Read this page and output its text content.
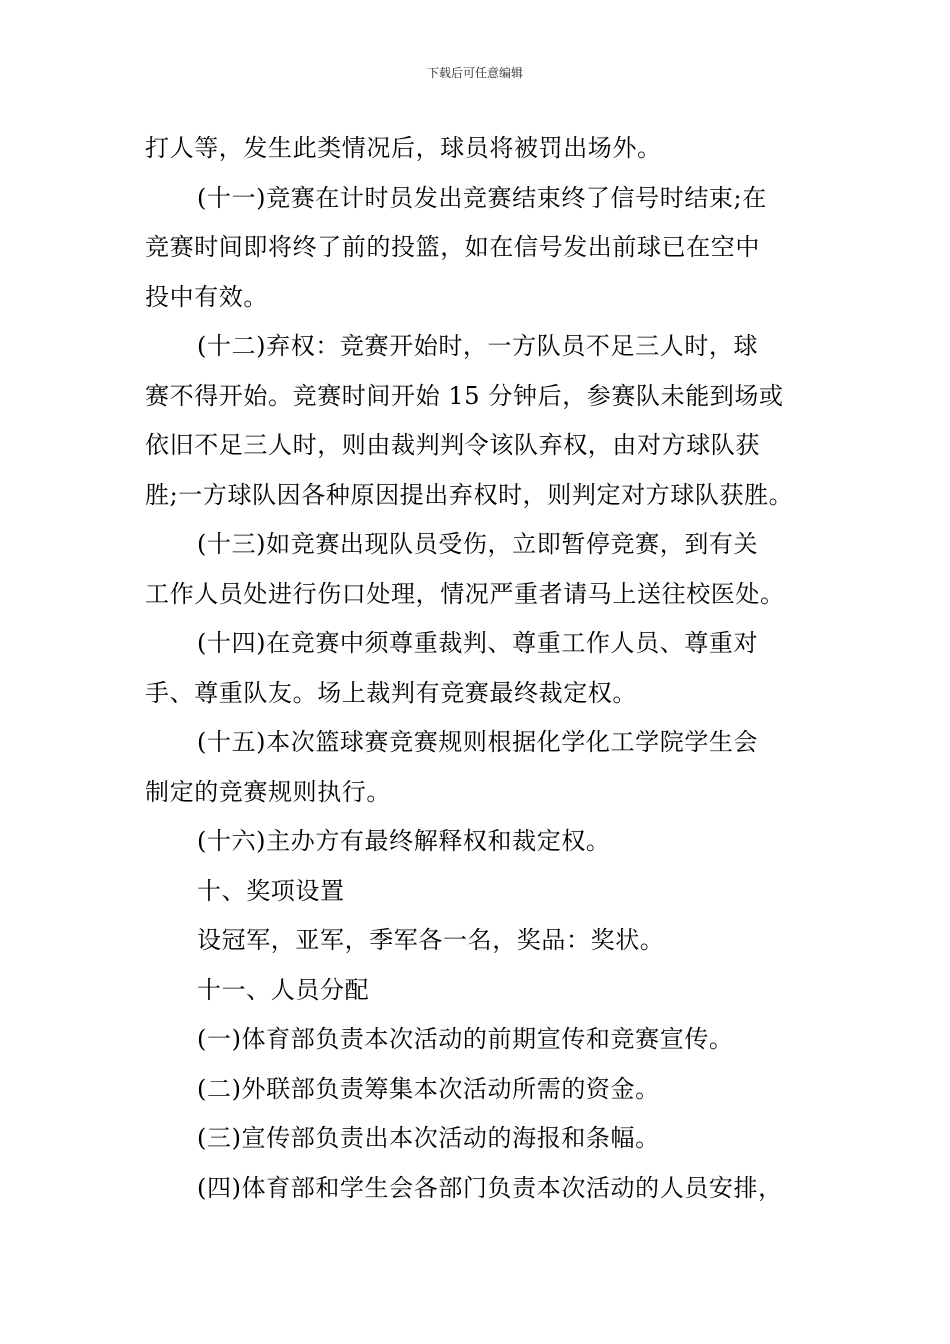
下载后可任意编辑
打人等，发生此类情况后，球员将被罚出场外。
(十一)竞赛在计时员发出竞赛结束终了信号时结束;在
竞赛时间即将终了前的投篮，如在信号发出前球已在空中
投中有效。
(十二)弃权：竞赛开始时，一方队员不足三人时，球
赛不得开始。竞赛时间开始 15 分钟后，参赛队未能到场或
依旧不足三人时，则由裁判判令该队弃权，由对方球队获
胜;一方球队因各种原因提出弃权时，则判定对方球队获胜。
(十三)如竞赛出现队员受伤，立即暂停竞赛，到有关
工作人员处进行伤口处理，情况严重者请马上送往校医处。
(十四)在竞赛中须尊重裁判、尊重工作人员、尊重对
手、尊重队友。场上裁判有竞赛最终裁定权。
(十五)本次篮球赛竞赛规则根据化学化工学院学生会
制定的竞赛规则执行。
(十六)主办方有最终解释权和裁定权。
十、奖项设置
设冠军，亚军，季军各一名，奖品：奖状。
十一、人员分配
(一)体育部负责本次活动的前期宣传和竞赛宣传。
(二)外联部负责筹集本次活动所需的资金。
(三)宣传部负责出本次活动的海报和条幅。
(四)体育部和学生会各部门负责本次活动的人员安排，
